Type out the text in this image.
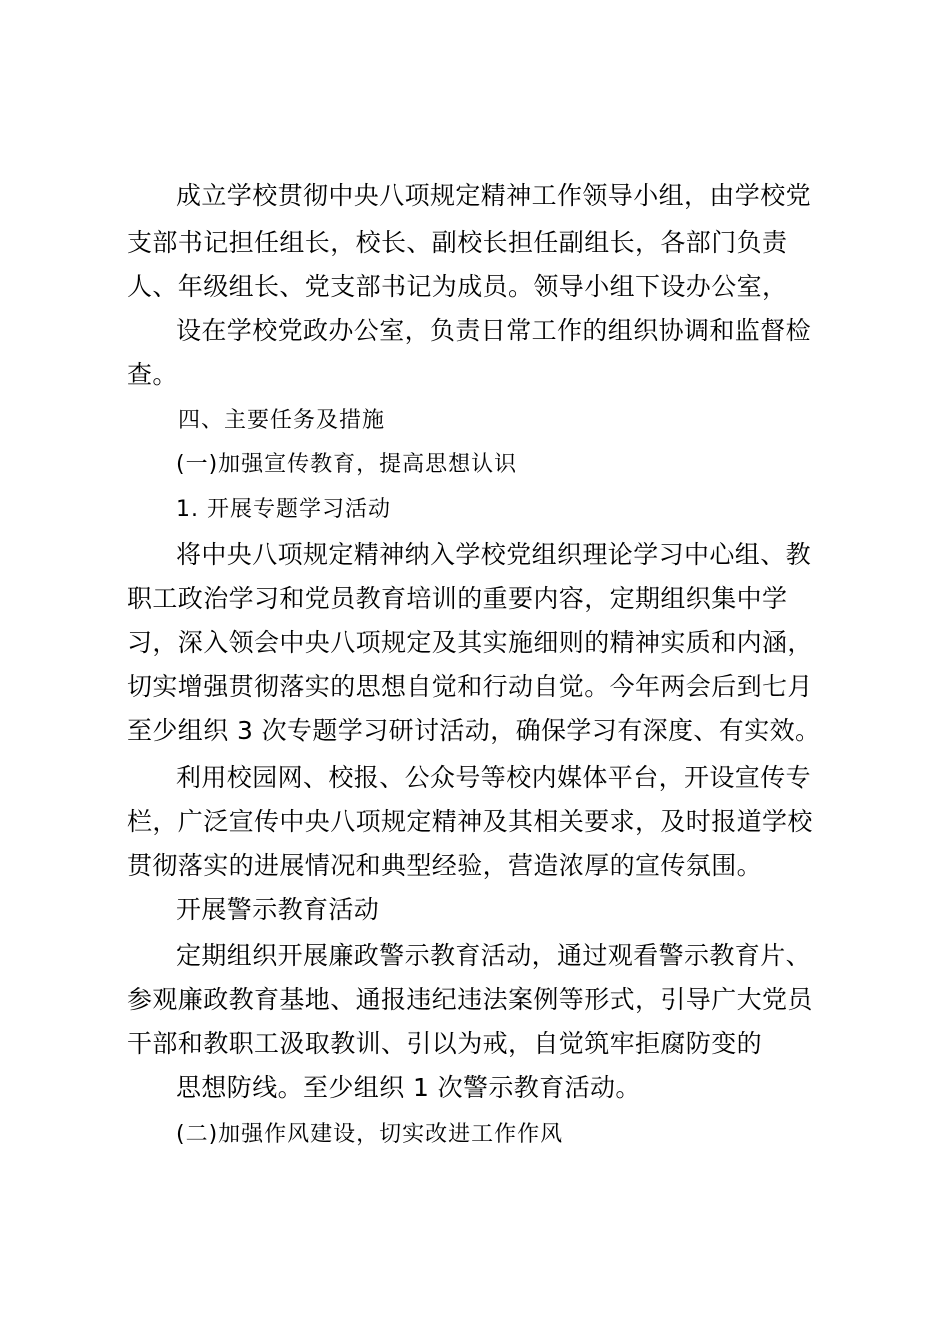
成立学校贯彻中央八项规定精神工作领导小组，由学校党

支部书记担任组长，校长、副校长担任副组长，各部门负责

人、年级组长、党支部书记为成员。领导小组下设办公室，

设在学校党政办公室，负责日常工作的组织协调和监督检

查。

四、主要任务及措施

(一)加强宣传教育，提高思想认识

1. 开展专题学习活动

将中央八项规定精神纳入学校党组织理论学习中心组、教

职工政治学习和党员教育培训的重要内容，定期组织集中学

习，深入领会中央八项规定及其实施细则的精神实质和内涵，

切实增强贯彻落实的思想自觉和行动自觉。今年两会后到七月

至少组织 3 次专题学习研讨活动，确保学习有深度、有实效。

利用校园网、校报、公众号等校内媒体平台，开设宣传专

栏，广泛宣传中央八项规定精神及其相关要求，及时报道学校

贯彻落实的进展情况和典型经验，营造浓厚的宣传氛围。

开展警示教育活动

定期组织开展廉政警示教育活动，通过观看警示教育片、

参观廉政教育基地、通报违纪违法案例等形式，引导广大党员

干部和教职工汲取教训、引以为戒，自觉筑牢拒腐防变的

思想防线。至少组织 1 次警示教育活动。

(二)加强作风建设，切实改进工作作风
